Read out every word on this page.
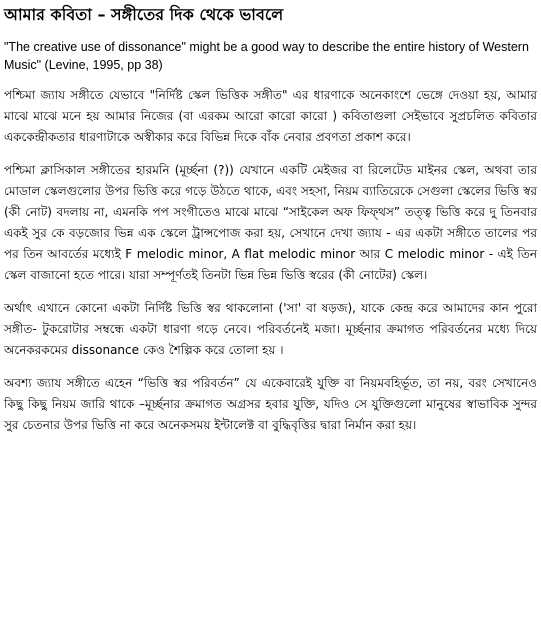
আমার কবিতা – সঙ্গীতের দিক থেকে ভাবলে
"The creative use of dissonance" might be a good way to describe the entire history of Western Music" (Levine, 1995, pp 38)

পশ্চিমা জ্যায সঙ্গীতে যেভাবে "নির্দিষ্ট স্কেল ভিত্তিক সঙ্গীত" এর ধারণাকে অনেকাংশে ভেঙ্গে দেওয়া হয়, আমার মাঝে মাঝে মনে হয় আমার নিজের (বা এরকম আরো কারো কারো ) কবিতাগুলা সেইভাবে সুপ্রচলিত কবিতার এককেন্দ্রীকতার ধারণাটাকে অস্বীকার করে বিভিন্ন দিকে বাঁক নেবার প্রবণতা প্রকাশ করে।

পশ্চিমা ক্লাসিকাল সঙ্গীতের হারমনি (মূর্চ্ছনা (?)) যেখানে একটি মেইজর বা রিলেটেড মাইনর স্কেল, অথবা তার মোডাল স্কেলগুলোর উপর ভিত্তি করে গড়ে উঠতে থাকে, এবং সহসা, নিয়ম ব্যাতিরেকে সেগুলা স্কেলের ভিত্তি স্বর (কী নোট) বদলায় না, এমনকি পপ সংগীতেও মাঝে মাঝে “সাইকেল অফ ফিফ্থস” তত্ত্ব ভিত্তি করে দু তিনবার একই সুর কে বড়জোর ভিন্ন এক স্কেলে ট্রান্সপোজ করা হয়, সেখানে দেখা জ্যায - এর একটা সঙ্গীতে তালের পর পর তিন আবর্তের মধ্যেই F melodic minor, A flat melodic minor আর C melodic minor - এই তিন স্কেল বাজানো হতে পারে। যারা সম্পূর্ণতই তিনটা ভিন্ন ভিন্ন ভিত্তি স্বরের (কী নোটের) স্কেল।

অর্থাৎ এখানে কোনো একটা নির্দিষ্ট ভিত্তি স্বর থাকলোনা ('সা' বা ষড়জ), যাকে কেন্দ্র করে আমাদের কান পুরো সঙ্গীত- টুকরোটার সম্বন্ধে একটা ধারণা গড়ে নেবে। পরিবর্তনেই মজা। মূর্চ্ছনার ক্রমাগত পরিবর্তনের মধ্যে দিয়ে অনেকরকমের dissonance কেও শৈল্পিক করে তোলা হয় ।

অবশ্য জ্যায সঙ্গীতে এহেন “ভিত্তি স্বর পরিবর্তন” যে একেবারেই যুক্তি বা নিয়মবহির্ভূত, তা নয়, বরং সেখানেও কিছু কিছু নিয়ম জারি থাকে –মূর্চ্ছনার ক্রমাগত অগ্রসর হবার যুক্তি, যদিও সে যুক্তিগুলো মানুষের স্বাভাবিক সুন্দর সুর চেতনার উপর ভিত্তি না করে অনেকসময় ইন্টালেক্ট বা বুদ্ধিবৃত্তির দ্বারা নির্মান করা হয়।
